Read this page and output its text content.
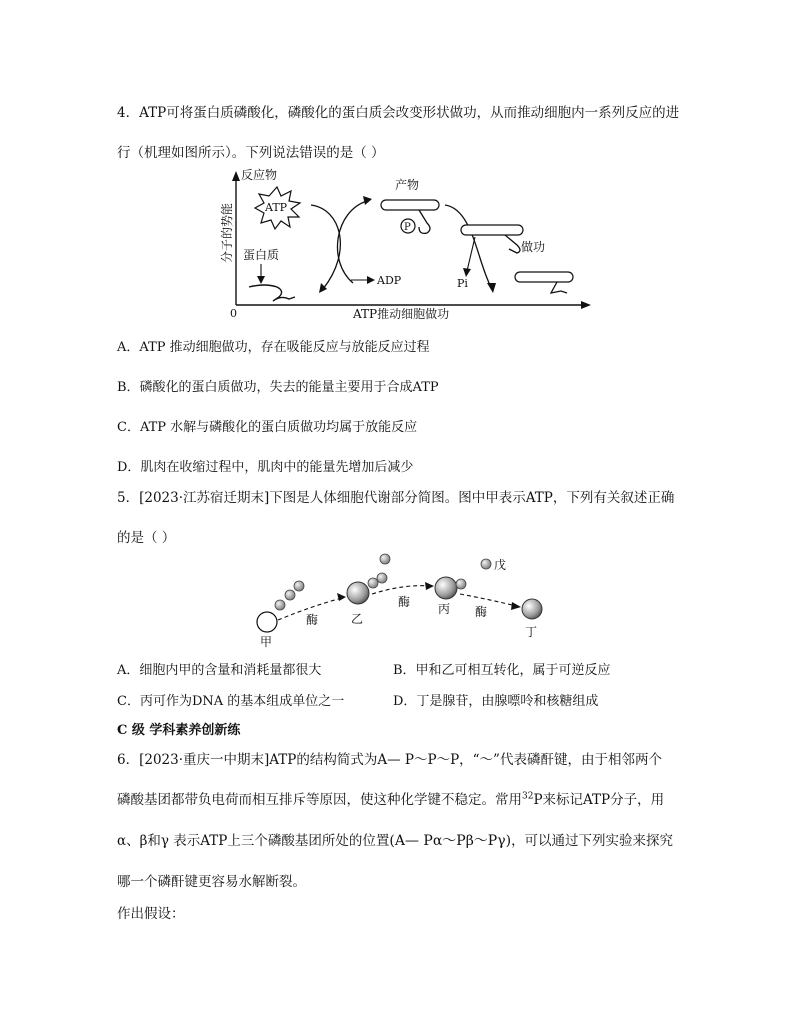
4．ATP可将蛋白质磷酸化，磷酸化的蛋白质会改变形状做功，从而推动细胞内一系列反应的进
行（机理如图所示）。下列说法错误的是（ ）
0
分子的势能
ATP推动细胞做功
反应物
ATP
蛋白质
ADP
产物
P
做功
Pi
A．ATP 推动细胞做功，存在吸能反应与放能反应过程
B．磷酸化的蛋白质做功，失去的能量主要用于合成ATP
C．ATP 水解与磷酸化的蛋白质做功均属于放能反应
D．肌肉在收缩过程中，肌肉中的能量先增加后减少
5．[2023·江苏宿迁期末]下图是人体细胞代谢部分简图。图中甲表示ATP，下列有关叙述正确
的是（ ）
甲
乙
戊
丙
丁
酶
酶
酶
A．细胞内甲的含量和消耗量都很大	B．甲和乙可相互转化，属于可逆反应
C．丙可作为DNA 的基本组成单位之一	D．丁是腺苷，由腺嘌呤和核糖组成
C 级 学科素养创新练
6．[2023·重庆一中期末]ATP的结构简式为A— P～P～P，“～”代表磷酐键，由于相邻两个
磷酸基团都带负电荷而相互排斥等原因，使这种化学键不稳定。常用$^{32}$P来标记ATP分子，用
α、β和γ 表示ATP上三个磷酸基团所处的位置(A— Pα～Pβ～Pγ)，可以通过下列实验来探究
哪一个磷酐键更容易水解断裂。
作出假设：
